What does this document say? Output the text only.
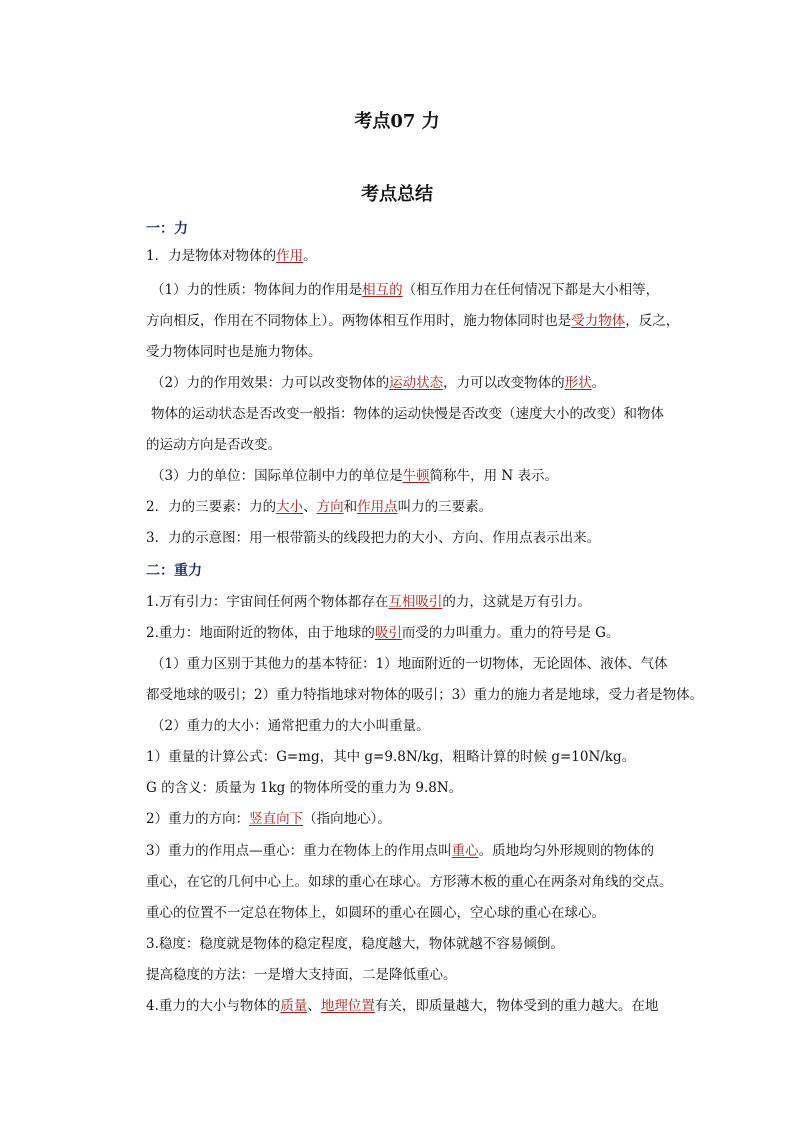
考点07 力
考点总结
一：力
1．力是物体对物体的作用。
（1）力的性质：物体间力的作用是相互的（相互作用力在任何情况下都是大小相等，
方向相反，作用在不同物体上）。两物体相互作用时，施力物体同时也是受力物体，反之，
受力物体同时也是施力物体。
（2）力的作用效果：力可以改变物体的运动状态，力可以改变物体的形状。
物体的运动状态是否改变一般指：物体的运动快慢是否改变（速度大小的改变）和物体
的运动方向是否改变。
（3）力的单位：国际单位制中力的单位是牛顿简称牛，用 N 表示。
2．力的三要素：力的大小、方向和作用点叫力的三要素。
3．力的示意图：用一根带箭头的线段把力的大小、方向、作用点表示出来。
二：重力
1.万有引力：宇宙间任何两个物体都存在互相吸引的力，这就是万有引力。
2.重力：地面附近的物体，由于地球的吸引而受的力叫重力。重力的符号是 G。
（1）重力区别于其他力的基本特征：1）地面附近的一切物体，无论固体、液体、气体
都受地球的吸引；2）重力特指地球对物体的吸引；3）重力的施力者是地球，受力者是物体。
（2）重力的大小：通常把重力的大小叫重量。
1）重量的计算公式：G=mg，其中 g=9.8N/kg，粗略计算的时候 g=10N/kg。
G 的含义：质量为 1kg 的物体所受的重力为 9.8N。
2）重力的方向：竖直向下（指向地心）。
3）重力的作用点—重心：重力在物体上的作用点叫重心。质地均匀外形规则的物体的
重心，在它的几何中心上。如球的重心在球心。方形薄木板的重心在两条对角线的交点。
重心的位置不一定总在物体上，如圆环的重心在圆心，空心球的重心在球心。
3.稳度：稳度就是物体的稳定程度，稳度越大，物体就越不容易倾倒。
提高稳度的方法：一是增大支持面，二是降低重心。
4.重力的大小与物体的质量、地理位置有关，即质量越大，物体受到的重力越大。在地
